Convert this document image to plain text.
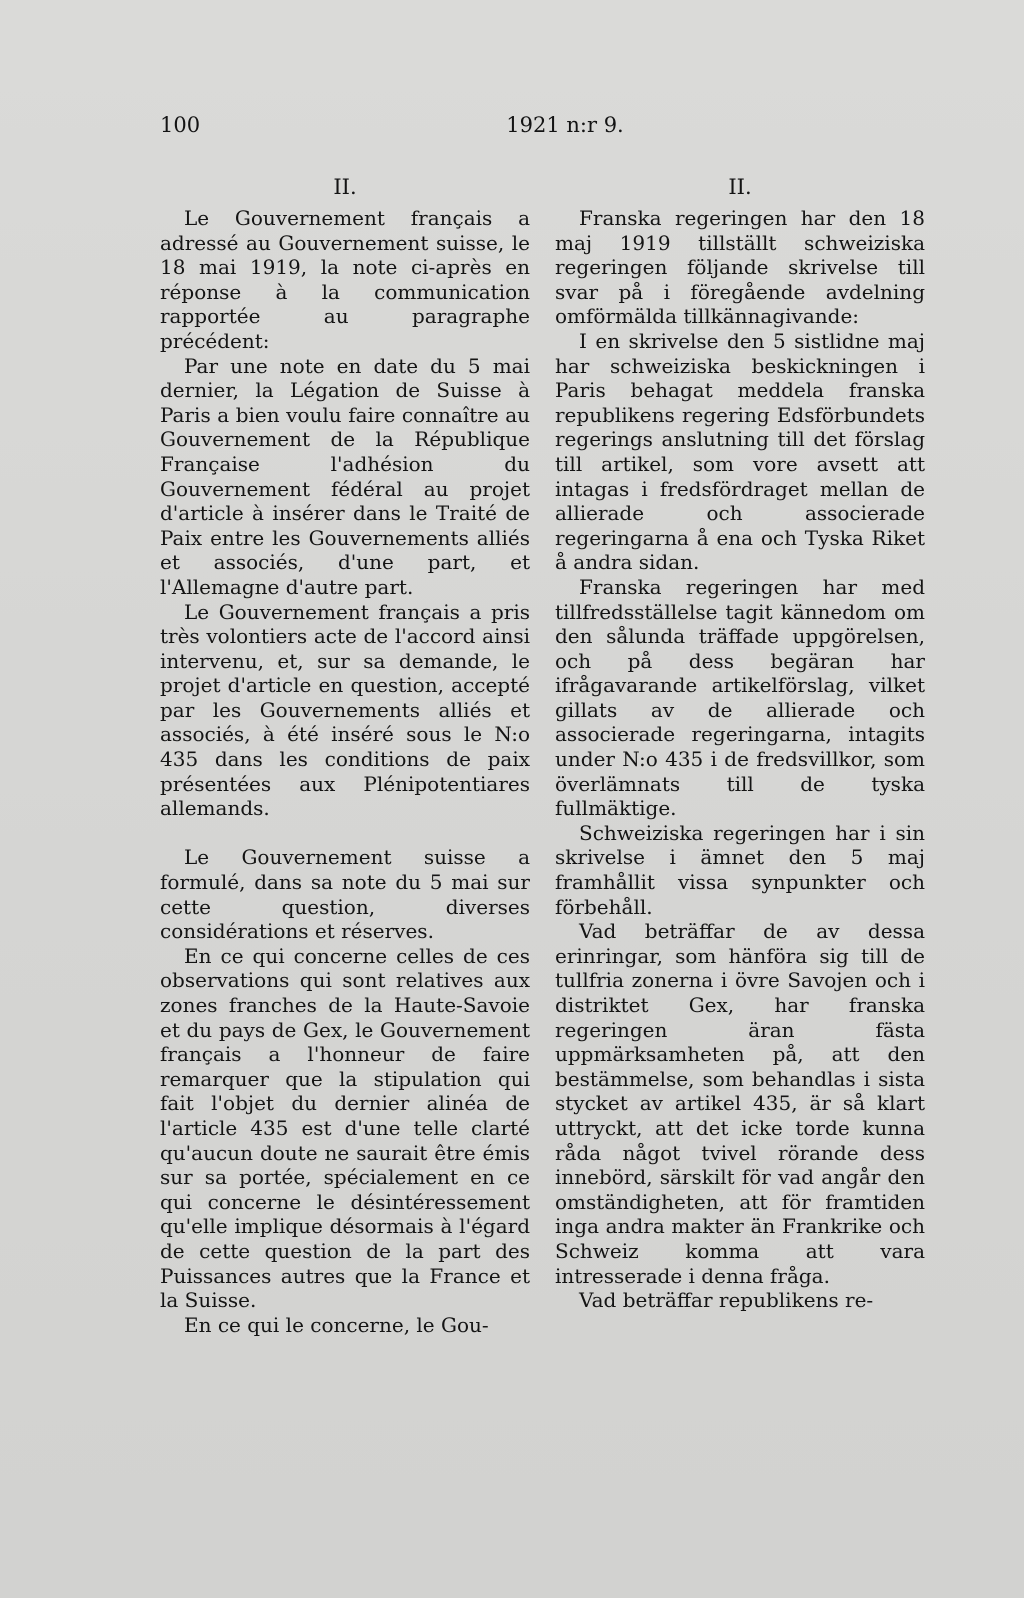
100	1921 n:r 9.
II.

Le Gouvernement français a adressé au Gouvernement suisse, le 18 mai 1919, la note ci-après en réponse à la communication rapportée au paragraphe précédent:

Par une note en date du 5 mai dernier, la Légation de Suisse à Paris a bien voulu faire connaître au Gouvernement de la République Française l'adhésion du Gouvernement fédéral au projet d'article à insérer dans le Traité de Paix entre les Gouvernements alliés et associés, d'une part, et l'Allemagne d'autre part.

Le Gouvernement français a pris très volontiers acte de l'accord ainsi intervenu, et, sur sa demande, le projet d'article en question, accepté par les Gouvernements alliés et associés, à été inséré sous le N:o 435 dans les conditions de paix présentées aux Plénipotentiares allemands.

Le Gouvernement suisse a formulé, dans sa note du 5 mai sur cette question, diverses considérations et réserves.

En ce qui concerne celles de ces observations qui sont relatives aux zones franches de la Haute-Savoie et du pays de Gex, le Gouvernement français a l'honneur de faire remarquer que la stipulation qui fait l'objet du dernier alinéa de l'article 435 est d'une telle clarté qu'aucun doute ne saurait être émis sur sa portée, spécialement en ce qui concerne le désintéressement qu'elle implique désormais à l'égard de cette question de la part des Puissances autres que la France et la Suisse.

En ce qui le concerne, le Gou-

II.

Franska regeringen har den 18 maj 1919 tillställt schweiziska regeringen följande skrivelse till svar på i föregående avdelning omförmälda tillkännagivande:

I en skrivelse den 5 sistlidne maj har schweiziska beskickningen i Paris behagat meddela franska republikens regering Edsförbundets regerings anslutning till det förslag till artikel, som vore avsett att intagas i fredsfördraget mellan de allierade och associerade regeringarna å ena och Tyska Riket å andra sidan.

Franska regeringen har med tillfredsställelse tagit kännedom om den sålunda träffade uppgörelsen, och på dess begäran har ifrågavarande artikelförslag, vilket gillats av de allierade och associerade regeringarna, intagits under N:o 435 i de fredsvillkor, som överlämnats till de tyska fullmäktige.

Schweiziska regeringen har i sin skrivelse i ämnet den 5 maj framhållit vissa synpunkter och förbehåll.

Vad beträffar de av dessa erinringar, som hänföra sig till de tullfria zonerna i övre Savojen och i distriktet Gex, har franska regeringen äran fästa uppmärksamheten på, att den bestämmelse, som behandlas i sista stycket av artikel 435, är så klart uttryckt, att det icke torde kunna råda något tvivel rörande dess innebörd, särskilt för vad angår den omständigheten, att för framtiden inga andra makter än Frankrike och Schweiz komma att vara intresserade i denna fråga.

Vad beträffar republikens re-
